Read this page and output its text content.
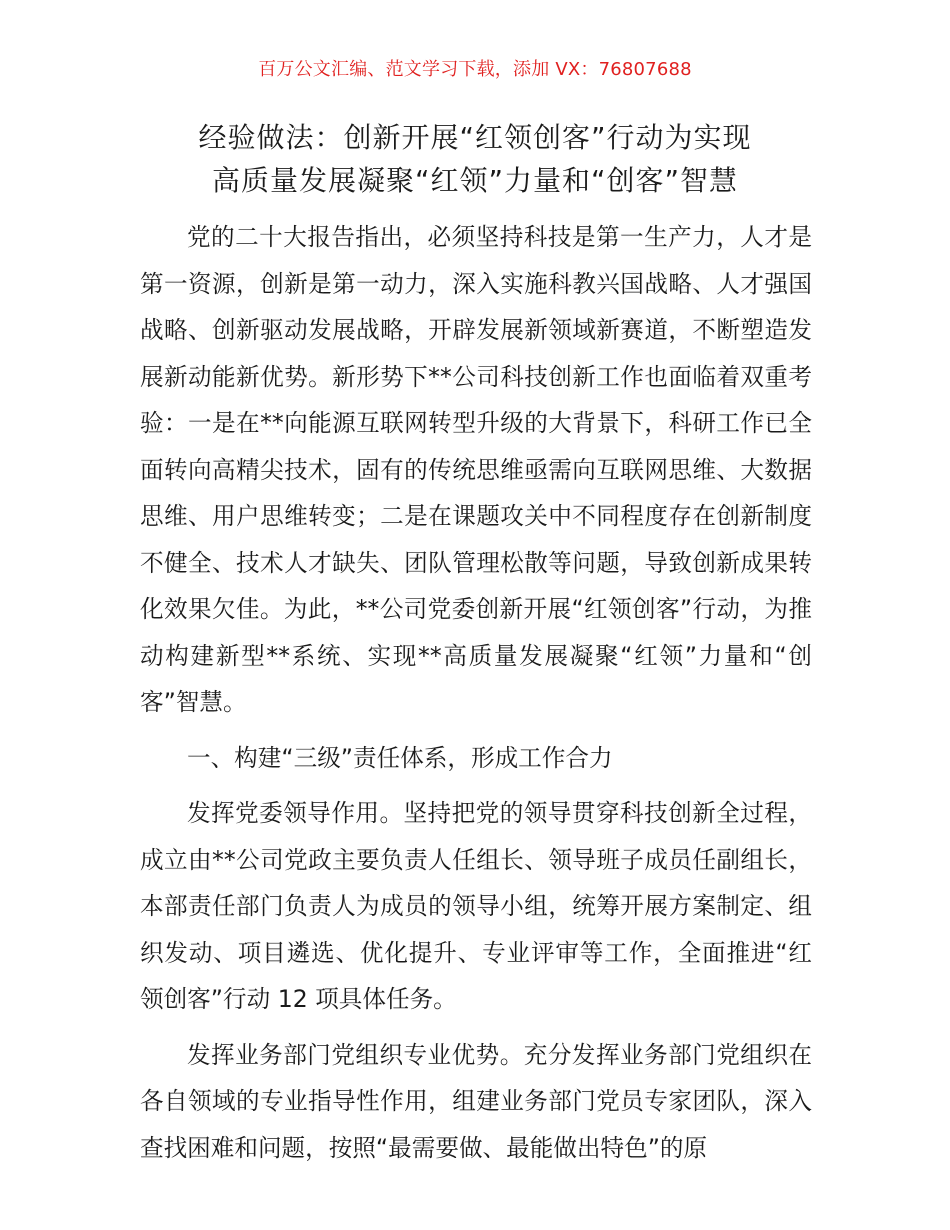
百万公文汇编、范文学习下载，添加 VX：76807688
经验做法：创新开展“红领创客”行动为实现
高质量发展凝聚“红领”力量和“创客”智慧

党的二十大报告指出，必须坚持科技是第一生产力，人才是第一资源，创新是第一动力，深入实施科教兴国战略、人才强国战略、创新驱动发展战略，开辟发展新领域新赛道，不断塑造发展新动能新优势。新形势下**公司科技创新工作也面临着双重考验：一是在**向能源互联网转型升级的大背景下，科研工作已全面转向高精尖技术，固有的传统思维亟需向互联网思维、大数据思维、用户思维转变；二是在课题攻关中不同程度存在创新制度不健全、技术人才缺失、团队管理松散等问题，导致创新成果转化效果欠佳。为此，**公司党委创新开展“红领创客”行动，为推动构建新型**系统、实现**高质量发展凝聚“红领”力量和“创客”智慧。

一、构建“三级”责任体系，形成工作合力

发挥党委领导作用。坚持把党的领导贯穿科技创新全过程，成立由**公司党政主要负责人任组长、领导班子成员任副组长，本部责任部门负责人为成员的领导小组，统筹开展方案制定、组织发动、项目遴选、优化提升、专业评审等工作，全面推进“红领创客”行动 12 项具体任务。

发挥业务部门党组织专业优势。充分发挥业务部门党组织在各自领域的专业指导性作用，组建业务部门党员专家团队，深入查找困难和问题，按照“最需要做、最能做出特色”的原
